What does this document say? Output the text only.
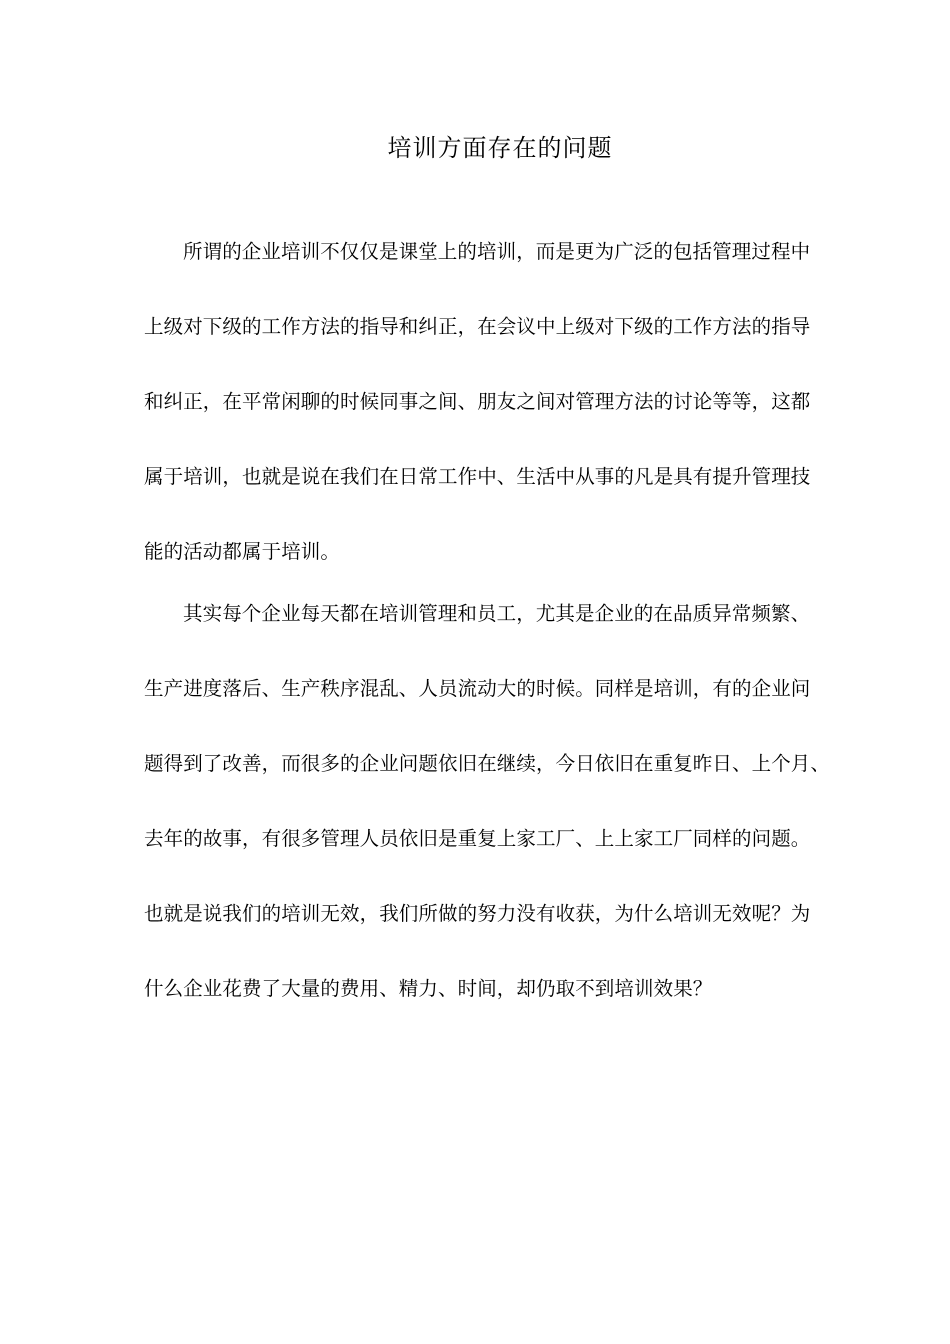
培训方面存在的问题
所谓的企业培训不仅仅是课堂上的培训，而是更为广泛的包括管理过程中
上级对下级的工作方法的指导和纠正，在会议中上级对下级的工作方法的指导
和纠正，在平常闲聊的时候同事之间、朋友之间对管理方法的讨论等等，这都
属于培训，也就是说在我们在日常工作中、生活中从事的凡是具有提升管理技
能的活动都属于培训。
其实每个企业每天都在培训管理和员工，尤其是企业的在品质异常频繁、
生产进度落后、生产秩序混乱、人员流动大的时候。同样是培训，有的企业问
题得到了改善，而很多的企业问题依旧在继续，今日依旧在重复昨日、上个月、
去年的故事，有很多管理人员依旧是重复上家工厂、上上家工厂同样的问题。
也就是说我们的培训无效，我们所做的努力没有收获，为什么培训无效呢？为
什么企业花费了大量的费用、精力、时间，却仍取不到培训效果？
